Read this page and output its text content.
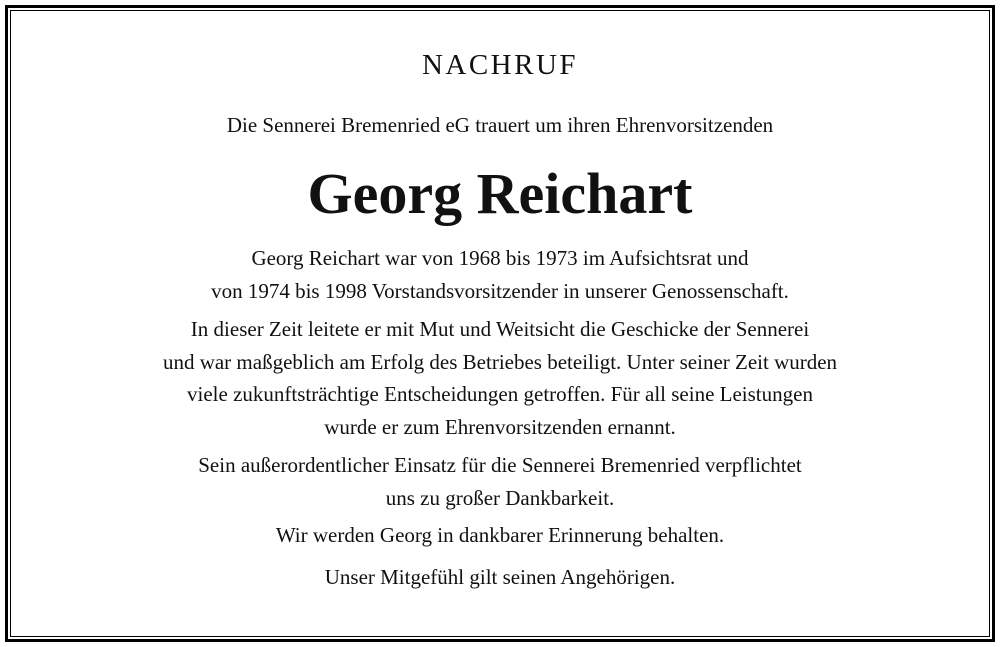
NACHRUF
Die Sennerei Bremenried eG trauert um ihren Ehrenvorsitzenden
Georg Reichart
Georg Reichart war von 1968 bis 1973 im Aufsichtsrat und
von 1974 bis 1998 Vorstandsvorsitzender in unserer Genossenschaft.
In dieser Zeit leitete er mit Mut und Weitsicht die Geschicke der Sennerei
und war maßgeblich am Erfolg des Betriebes beteiligt. Unter seiner Zeit wurden
viele zukunftsträchtige Entscheidungen getroffen. Für all seine Leistungen
wurde er zum Ehrenvorsitzenden ernannt.
Sein außerordentlicher Einsatz für die Sennerei Bremenried verpflichtet
uns zu großer Dankbarkeit.
Wir werden Georg in dankbarer Erinnerung behalten.
Unser Mitgefühl gilt seinen Angehörigen.
